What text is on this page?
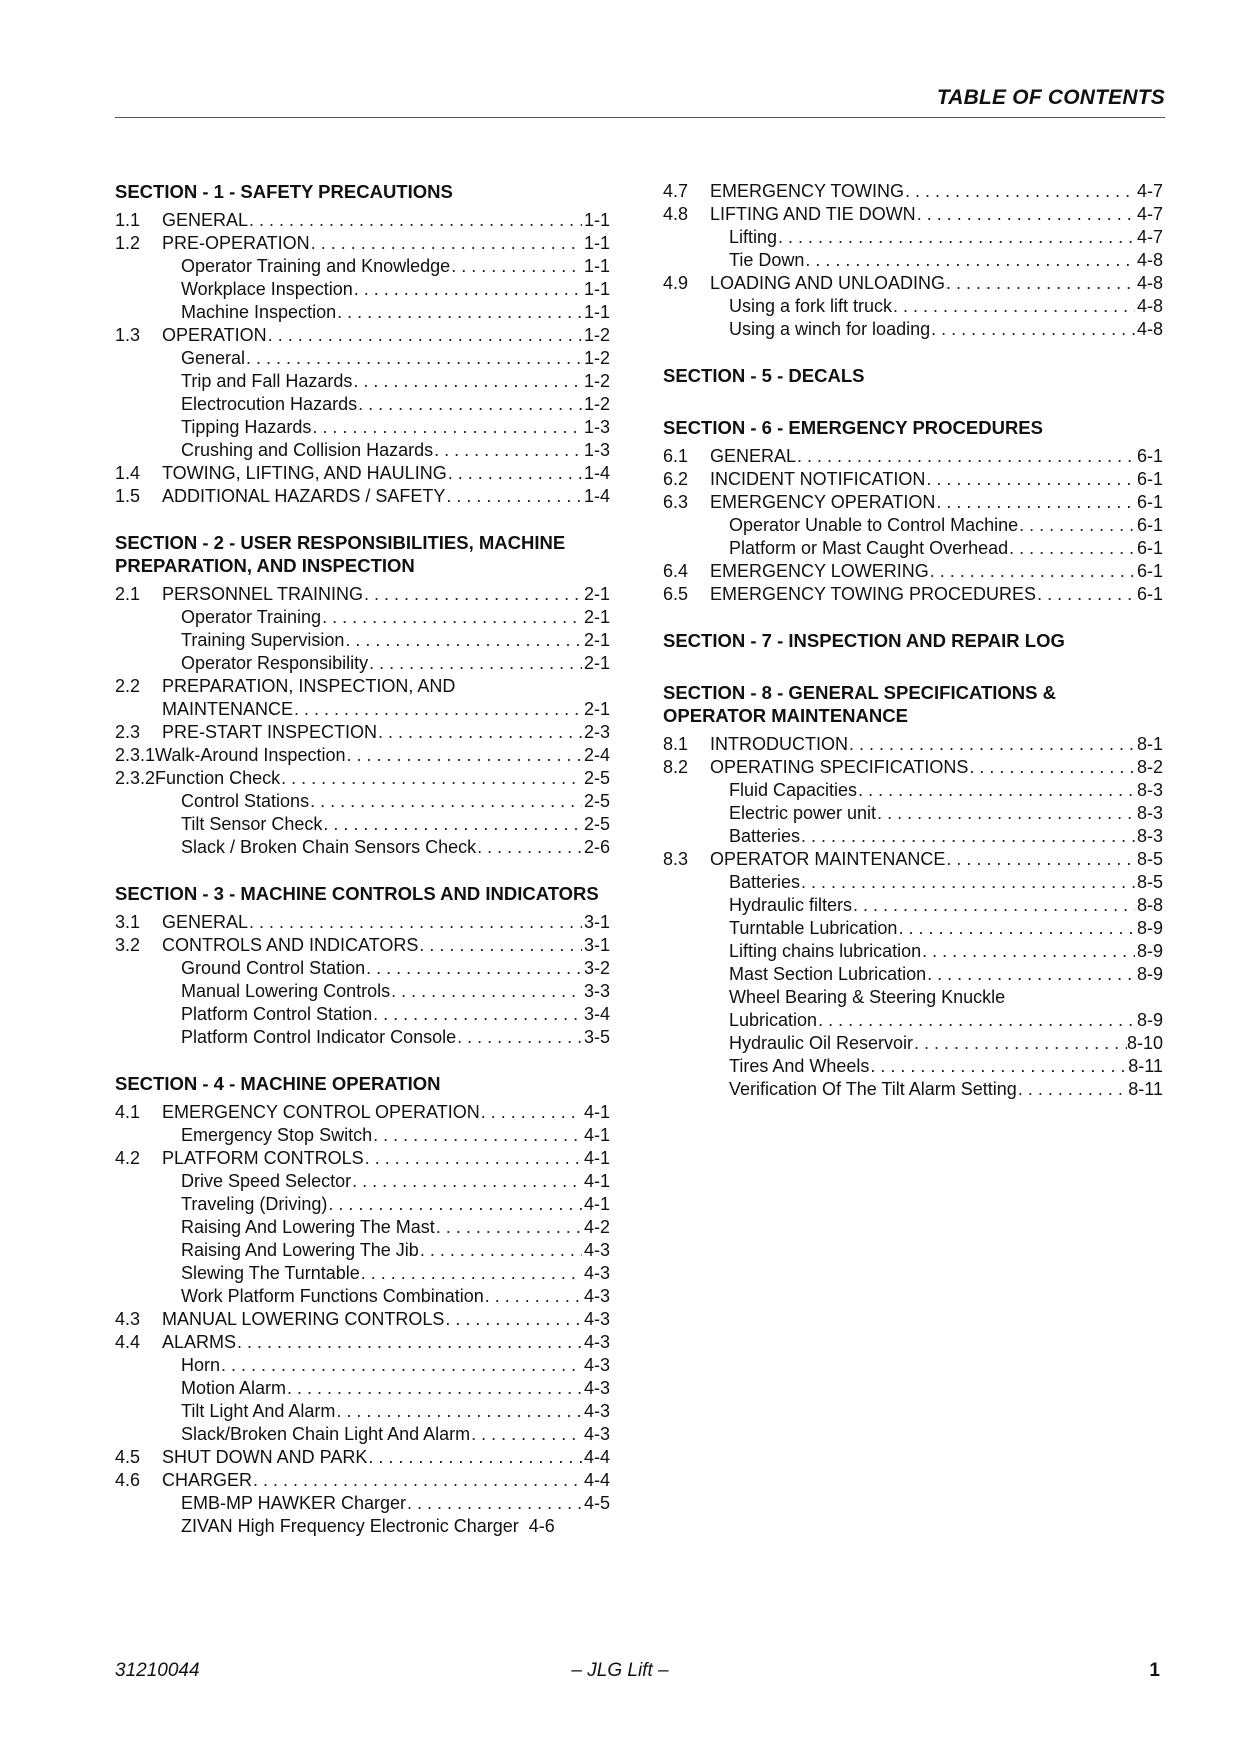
TABLE OF CONTENTS
SECTION - 1 - SAFETY PRECAUTIONS
1.1	GENERAL . . .	1-1
1.2	PRE-OPERATION . . .	1-1
Operator Training and Knowledge . . .	1-1
Workplace Inspection . . .	1-1
Machine Inspection . . .	1-1
1.3	OPERATION . . .	1-2
General . . .	1-2
Trip and Fall Hazards . . .	1-2
Electrocution Hazards . . .	1-2
Tipping Hazards . . .	1-3
Crushing and Collision Hazards . . .	1-3
1.4	TOWING, LIFTING, AND HAULING . . .	1-4
1.5	ADDITIONAL HAZARDS / SAFETY . . .	1-4
SECTION - 2 - USER RESPONSIBILITIES, MACHINE PREPARATION, AND INSPECTION
2.1	PERSONNEL TRAINING . . .	2-1
Operator Training . . .	2-1
Training Supervision . . .	2-1
Operator Responsibility . . .	2-1
2.2	PREPARATION, INSPECTION, AND
MAINTENANCE . . .	2-1
2.3	PRE-START INSPECTION . . .	2-3
2.3.1 Walk-Around Inspection . . .	2-4
2.3.2 Function Check . . .	2-5
Control Stations . . .	2-5
Tilt Sensor Check . . .	2-5
Slack / Broken Chain Sensors Check . . .	2-6
SECTION - 3 - MACHINE CONTROLS AND INDICATORS
3.1	GENERAL . . .	3-1
3.2	CONTROLS AND INDICATORS . . .	3-1
Ground Control Station . . .	3-2
Manual Lowering Controls . . .	3-3
Platform Control Station . . .	3-4
Platform Control Indicator Console . . .	3-5
SECTION - 4 - MACHINE OPERATION
4.1	EMERGENCY CONTROL OPERATION . . .	4-1
Emergency Stop Switch . . .	4-1
4.2	PLATFORM CONTROLS . . .	4-1
Drive Speed Selector . . .	4-1
Traveling (Driving) . . .	4-1
Raising And Lowering The Mast . . .	4-2
Raising And Lowering The Jib . . .	4-3
Slewing The Turntable . . .	4-3
Work Platform Functions Combination . . .	4-3
4.3	MANUAL LOWERING CONTROLS . . .	4-3
4.4	ALARMS . . .	4-3
Horn . . .	4-3
Motion Alarm . . .	4-3
Tilt Light And Alarm . . .	4-3
Slack/Broken Chain Light And Alarm . . .	4-3
4.5	SHUT DOWN AND PARK . . .	4-4
4.6	CHARGER . . .	4-4
EMB-MP HAWKER Charger . . .	4-5
ZIVAN High Frequency Electronic Charger 4-6
4.7	EMERGENCY TOWING . . .	4-7
4.8	LIFTING AND TIE DOWN . . .	4-7
Lifting . . .	4-7
Tie Down . . .	4-8
4.9	LOADING AND UNLOADING . . .	4-8
Using a fork lift truck . . .	4-8
Using a winch for loading . . .	4-8
SECTION - 5 - DECALS
SECTION - 6 - EMERGENCY PROCEDURES
6.1	GENERAL . . .	6-1
6.2	INCIDENT NOTIFICATION . . .	6-1
6.3	EMERGENCY OPERATION . . .	6-1
Operator Unable to Control Machine . . .	6-1
Platform or Mast Caught Overhead . . .	6-1
6.4	EMERGENCY LOWERING . . .	6-1
6.5	EMERGENCY TOWING PROCEDURES . . .	6-1
SECTION - 7 - INSPECTION AND REPAIR LOG
SECTION - 8 - GENERAL SPECIFICATIONS & OPERATOR MAINTENANCE
8.1	INTRODUCTION . . .	8-1
8.2	OPERATING SPECIFICATIONS . . .	8-2
Fluid Capacities . . .	8-3
Electric power unit . . .	8-3
Batteries . . .	8-3
8.3	OPERATOR MAINTENANCE . . .	8-5
Batteries . . .	8-5
Hydraulic filters . . .	8-8
Turntable Lubrication . . .	8-9
Lifting chains lubrication . . .	8-9
Mast Section Lubrication . . .	8-9
Wheel Bearing & Steering Knuckle
Lubrication . . .	8-9
Hydraulic Oil Reservoir . . .	8-10
Tires And Wheels . . .	8-11
Verification Of The Tilt Alarm Setting . . .	8-11
31210044	– JLG Lift –	1
